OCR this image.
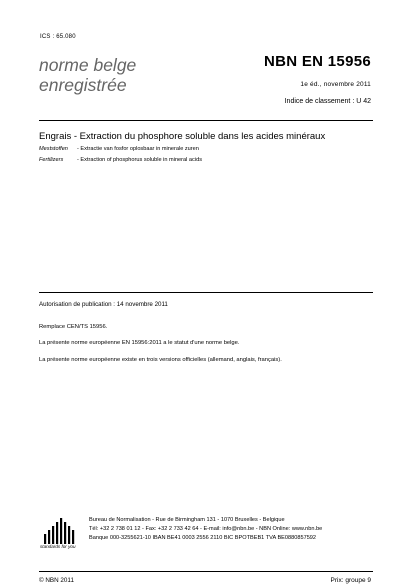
ICS : 65.080
norme belge
enregistrée
NBN EN 15956
1e éd., novembre 2011
Indice de classement : U 42
Engrais - Extraction du phosphore soluble dans les acides minéraux
Meststoffen - Extractie van fosfor oplosbaar in minerale zuren
Fertilizers - Extraction of phosphorus soluble in mineral acids
Autorisation de publication : 14 novembre 2011
Remplace CEN/TS 15956.
La présente norme européenne EN 15956:2011 a le statut d'une norme belge.
La présente norme européenne existe en trois versions officielles (allemand, anglais, français).
standards for you
Bureau de Normalisation - Rue de Birmingham 131 - 1070 Bruxelles - Belgique
Tél: +32 2 738 01 12 - Fax: +32 2 733 42 64 - E-mail: info@nbn.be - NBN Online: www.nbn.be
Banque 000-3255621-10 IBAN BE41 0003 2556 2110 BIC BPOTBEB1 TVA BE0880857592
© NBN 2011	Prix: groupe 9
